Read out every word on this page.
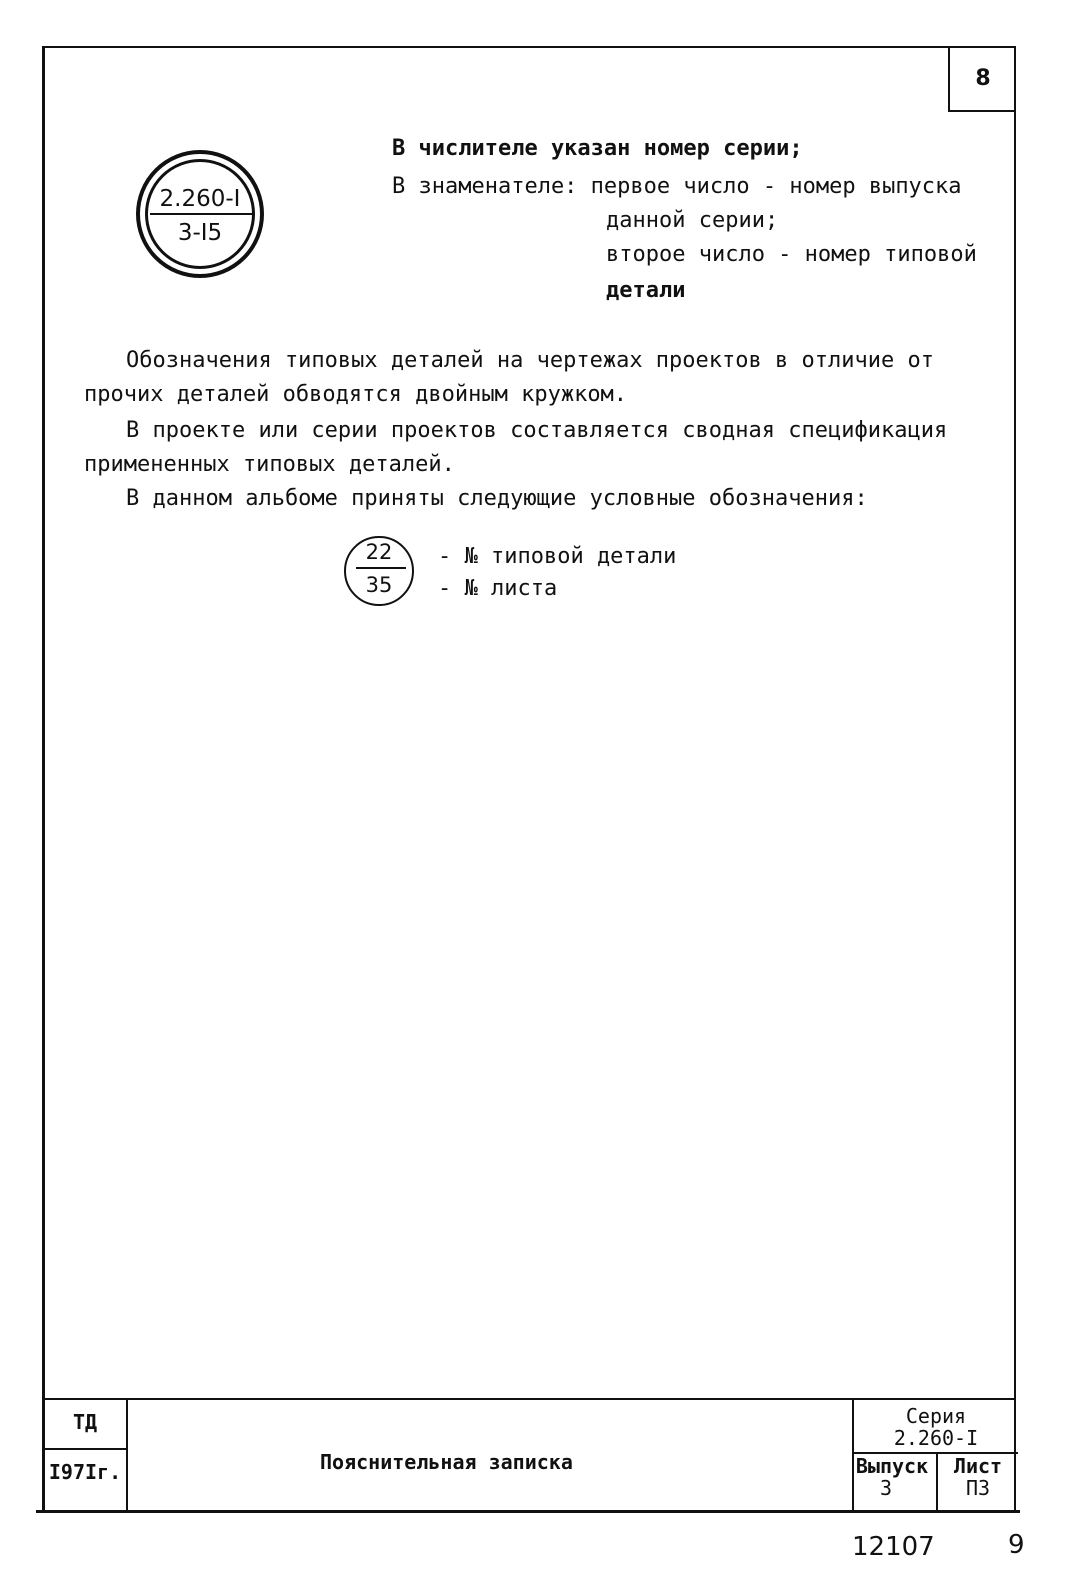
8
2.260-I
3-I5
В числителе указан номер серии;
В знаменателе: первое число - номер выпуска
данной серии;
второе число - номер типовой
детали
Обозначения типовых деталей на чертежах проектов в отличие от
прочих деталей обводятся двойным кружком.
В проекте или серии проектов составляется сводная спецификация
примененных типовых деталей.
В данном альбоме приняты следующие условные обозначения:
22
35
- № типовой детали
- № листа
ТД
I97Iг.	Пояснительная записка
Серия
2.260-I
Выпуск
3
Лист
ПЗ
12107	9
